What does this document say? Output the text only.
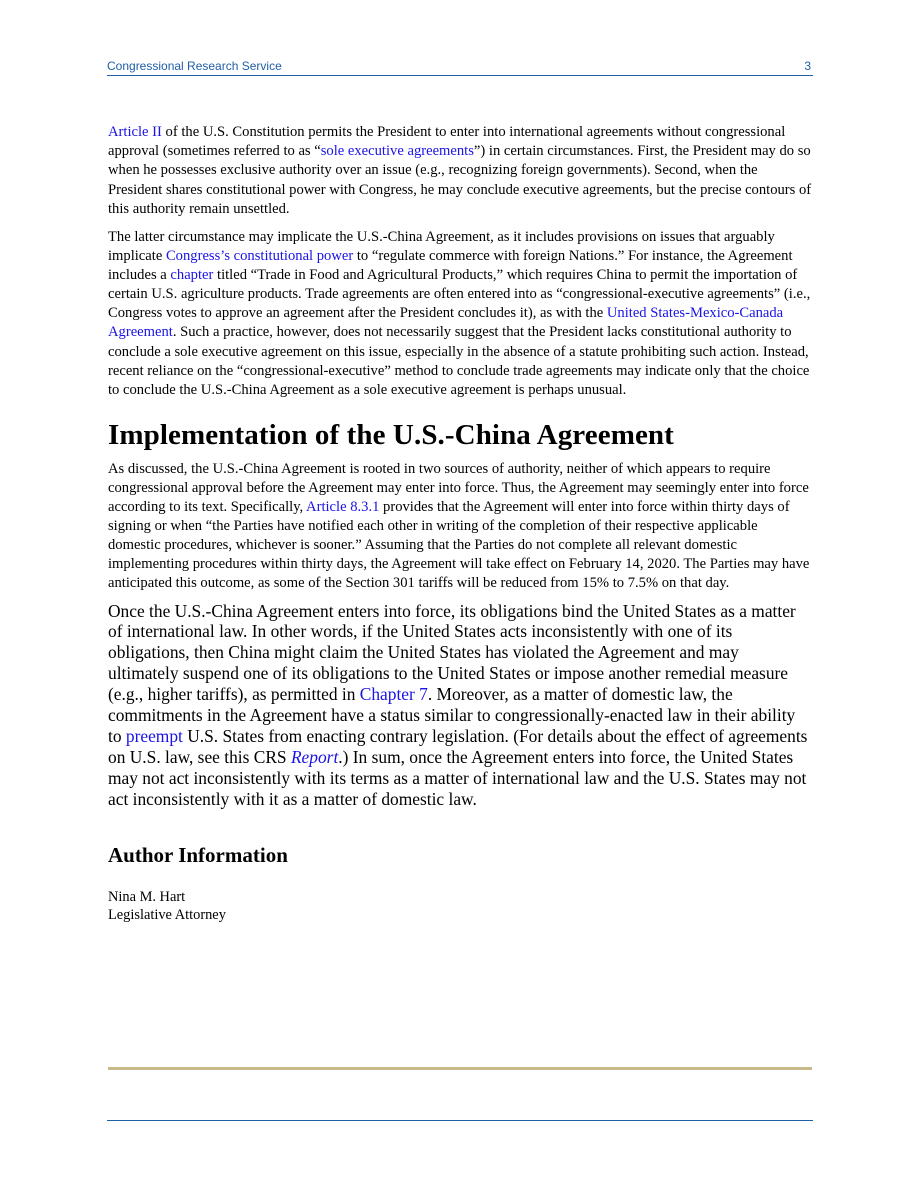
Congressional Research Service	3

Article II of the U.S. Constitution permits the President to enter into international agreements without congressional approval (sometimes referred to as “sole executive agreements”) in certain circumstances. First, the President may do so when he possesses exclusive authority over an issue (e.g., recognizing foreign governments). Second, when the President shares constitutional power with Congress, he may conclude executive agreements, but the precise contours of this authority remain unsettled.

The latter circumstance may implicate the U.S.-China Agreement, as it includes provisions on issues that arguably implicate Congress’s constitutional power to “regulate commerce with foreign Nations.” For instance, the Agreement includes a chapter titled “Trade in Food and Agricultural Products,” which requires China to permit the importation of certain U.S. agriculture products. Trade agreements are often entered into as “congressional-executive agreements” (i.e., Congress votes to approve an agreement after the President concludes it), as with the United States-Mexico-Canada Agreement. Such a practice, however, does not necessarily suggest that the President lacks constitutional authority to conclude a sole executive agreement on this issue, especially in the absence of a statute prohibiting such action. Instead, recent reliance on the “congressional-executive” method to conclude trade agreements may indicate only that the choice to conclude the U.S.-China Agreement as a sole executive agreement is perhaps unusual.

Implementation of the U.S.-China Agreement

As discussed, the U.S.-China Agreement is rooted in two sources of authority, neither of which appears to require congressional approval before the Agreement may enter into force. Thus, the Agreement may seemingly enter into force according to its text. Specifically, Article 8.3.1 provides that the Agreement will enter into force within thirty days of signing or when “the Parties have notified each other in writing of the completion of their respective applicable domestic procedures, whichever is sooner.” Assuming that the Parties do not complete all relevant domestic implementing procedures within thirty days, the Agreement will take effect on February 14, 2020. The Parties may have anticipated this outcome, as some of the Section 301 tariffs will be reduced from 15% to 7.5% on that day.

Once the U.S.-China Agreement enters into force, its obligations bind the United States as a matter of international law. In other words, if the United States acts inconsistently with one of its obligations, then China might claim the United States has violated the Agreement and may ultimately suspend one of its obligations to the United States or impose another remedial measure (e.g., higher tariffs), as permitted in Chapter 7. Moreover, as a matter of domestic law, the commitments in the Agreement have a status similar to congressionally-enacted law in their ability to preempt U.S. States from enacting contrary legislation. (For details about the effect of agreements on U.S. law, see this CRS Report.) In sum, once the Agreement enters into force, the United States may not act inconsistently with its terms as a matter of international law and the U.S. States may not act inconsistently with it as a matter of domestic law.

Author Information
Nina M. Hart
Legislative Attorney
